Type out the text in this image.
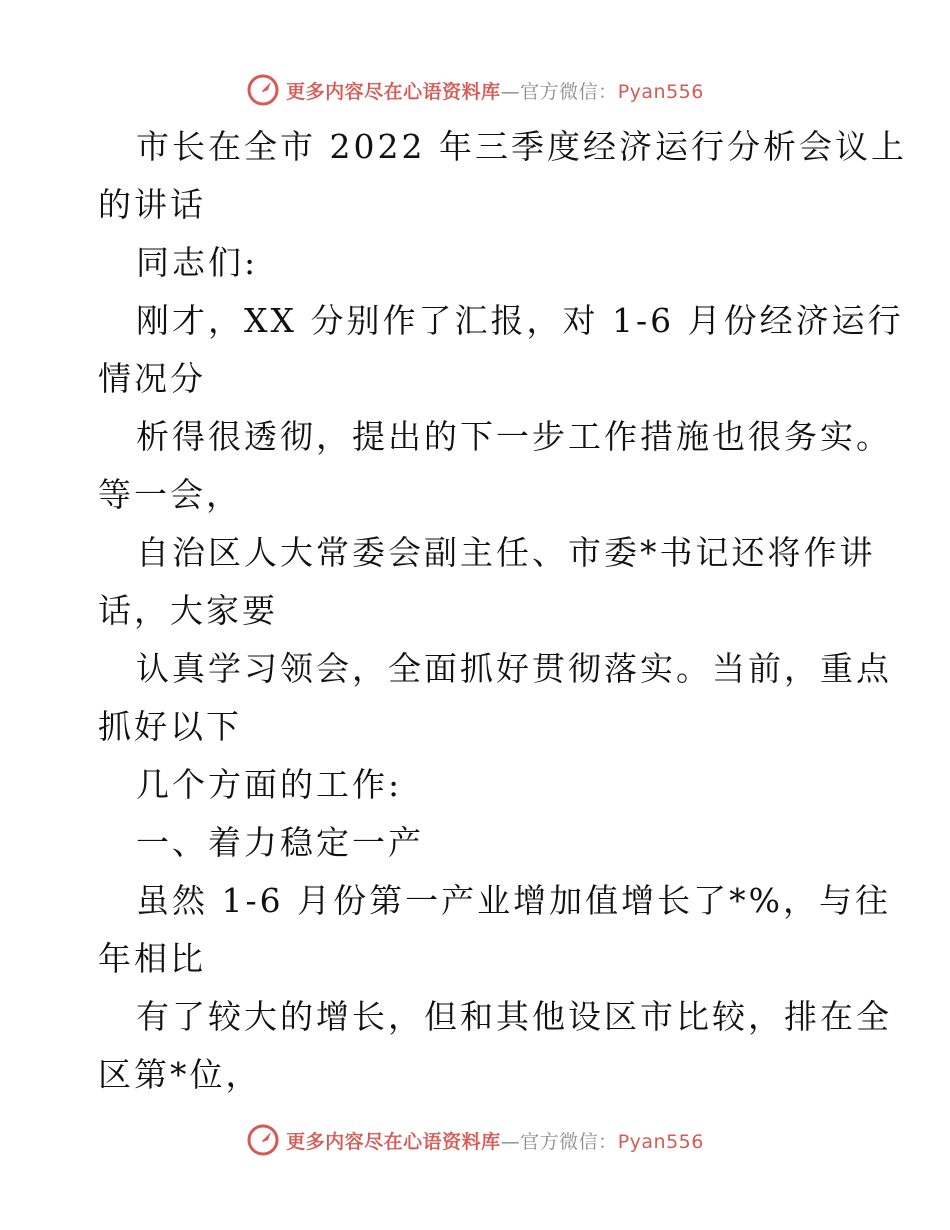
更多内容尽在心语资料库—官方微信：Pyan556
市长在全市 2022 年三季度经济运行分析会议上
的讲话
同志们:
刚才，XX 分别作了汇报，对 1-6 月份经济运行
情况分
析得很透彻，提出的下一步工作措施也很务实。
等一会，
自治区人大常委会副主任、市委*书记还将作讲
话，大家要
认真学习领会，全面抓好贯彻落实。当前，重点
抓好以下
几个方面的工作:
一、着力稳定一产
虽然 1-6 月份第一产业增加值增长了*%，与往
年相比
有了较大的增长，但和其他设区市比较，排在全
区第*位，
更多内容尽在心语资料库—官方微信：Pyan556
